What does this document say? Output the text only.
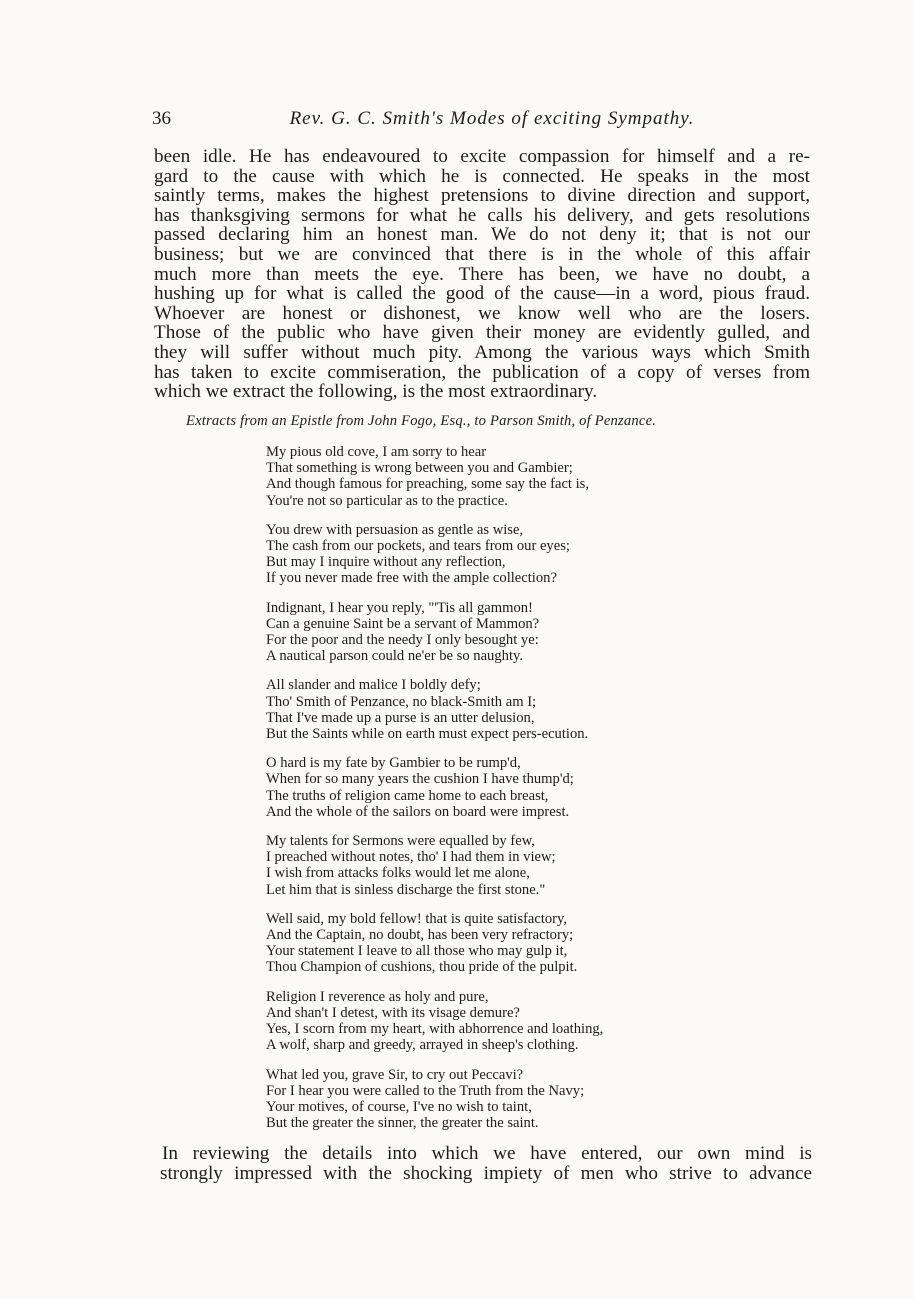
36	Rev. G. C. Smith's Modes of exciting Sympathy.
been idle. He has endeavoured to excite compassion for himself and a re-
gard to the cause with which he is connected. He speaks in the most
saintly terms, makes the highest pretensions to divine direction and support,
has thanksgiving sermons for what he calls his delivery, and gets resolutions
passed declaring him an honest man. We do not deny it; that is not our
business; but we are convinced that there is in the whole of this affair
much more than meets the eye. There has been, we have no doubt, a
hushing up for what is called the good of the cause—in a word, pious fraud.
Whoever are honest or dishonest, we know well who are the losers.
Those of the public who have given their money are evidently gulled, and
they will suffer without much pity. Among the various ways which Smith
has taken to excite commiseration, the publication of a copy of verses from
which we extract the following, is the most extraordinary.
Extracts from an Epistle from John Fogo, Esq., to Parson Smith, of Penzance.
My pious old cove, I am sorry to hear
That something is wrong between you and Gambier;
And though famous for preaching, some say the fact is,
You're not so particular as to the practice.
You drew with persuasion as gentle as wise,
The cash from our pockets, and tears from our eyes;
But may I inquire without any reflection,
If you never made free with the ample collection?
Indignant, I hear you reply, "'Tis all gammon!
Can a genuine Saint be a servant of Mammon?
For the poor and the needy I only besought ye:
A nautical parson could ne'er be so naughty.
All slander and malice I boldly defy;
Tho' Smith of Penzance, no black-Smith am I;
That I've made up a purse is an utter delusion,
But the Saints while on earth must expect pers-ecution.
O hard is my fate by Gambier to be rump'd,
When for so many years the cushion I have thump'd;
The truths of religion came home to each breast,
And the whole of the sailors on board were imprest.
My talents for Sermons were equalled by few,
I preached without notes, tho' I had them in view;
I wish from attacks folks would let me alone,
Let him that is sinless discharge the first stone."
Well said, my bold fellow! that is quite satisfactory,
And the Captain, no doubt, has been very refractory;
Your statement I leave to all those who may gulp it,
Thou Champion of cushions, thou pride of the pulpit.
Religion I reverence as holy and pure,
And shan't I detest, with its visage demure?
Yes, I scorn from my heart, with abhorrence and loathing,
A wolf, sharp and greedy, arrayed in sheep's clothing.
What led you, grave Sir, to cry out Peccavi?
For I hear you were called to the Truth from the Navy;
Your motives, of course, I've no wish to taint,
But the greater the sinner, the greater the saint.
In reviewing the details into which we have entered, our own mind is
strongly impressed with the shocking impiety of men who strive to advance
